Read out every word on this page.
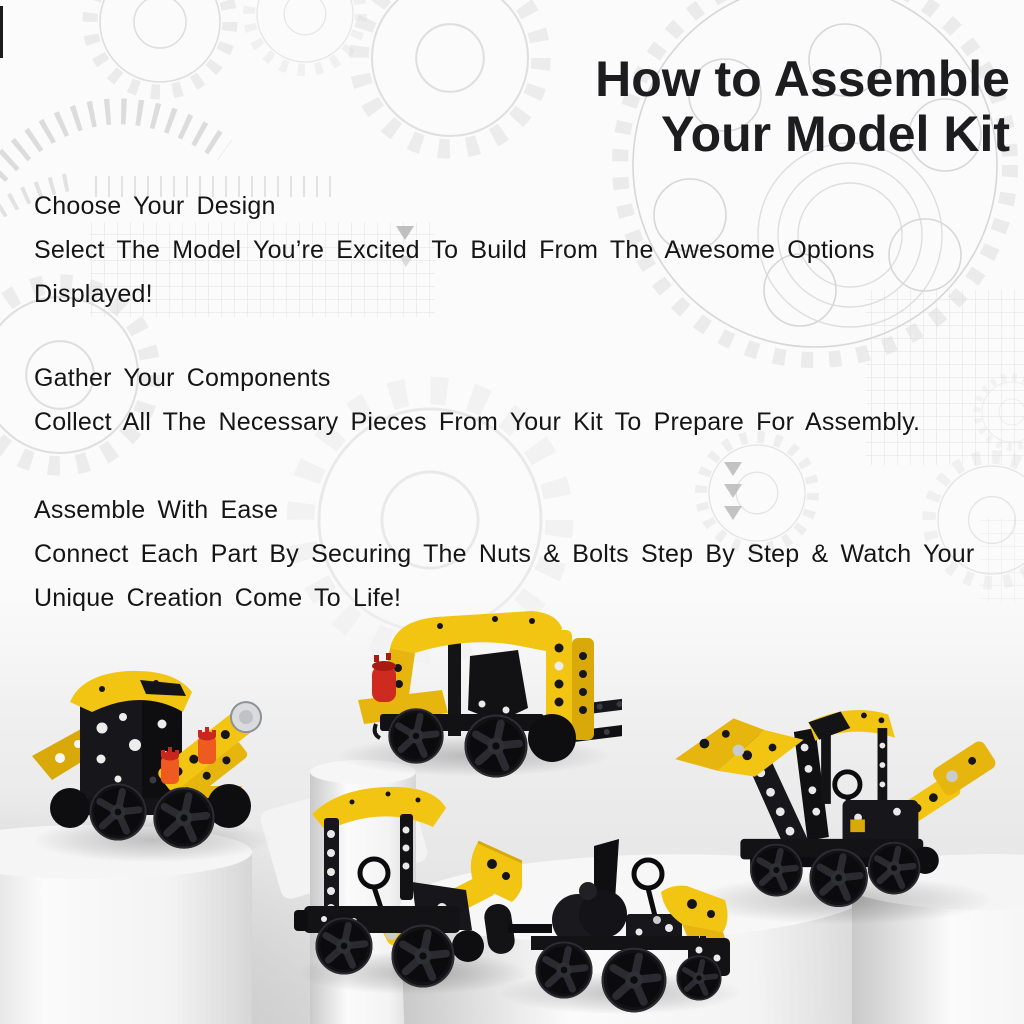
How to Assemble
Your Model Kit
Choose Your Design
Select The Model You’re Excited To Build From The Awesome Options
Displayed!
Gather Your Components
Collect All The Necessary Pieces From Your Kit To Prepare For Assembly.
Assemble With Ease
Connect Each Part By Securing The Nuts & Bolts Step By Step & Watch Your
Unique Creation Come To Life!
